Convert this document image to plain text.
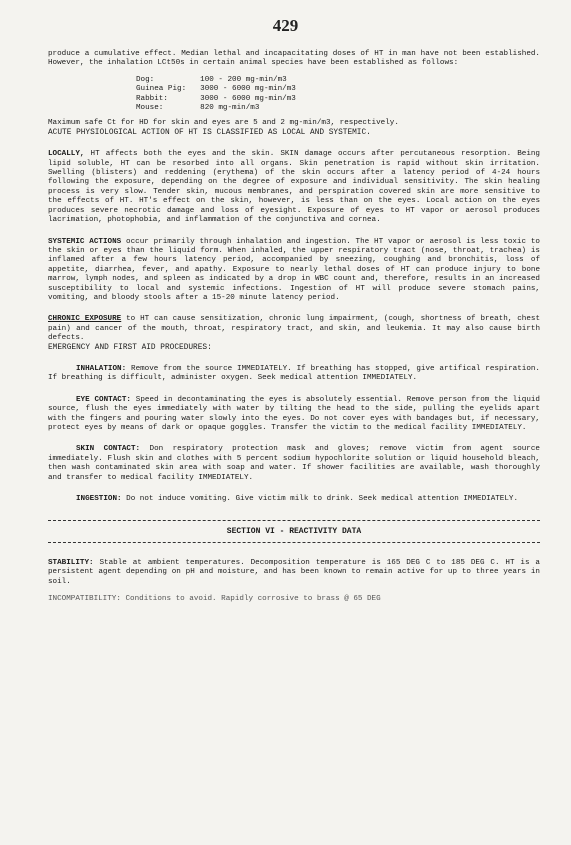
429

produce a cumulative effect. Median lethal and incapacitating doses of HT in man have not been established. However, the inhalation LCt50s in certain animal species have been established as follows:

Dog:	100 - 200 mg-min/m3
Guinea Pig:	3000 - 6000 mg-min/m3
Rabbit:	3000 - 6000 mg-min/m3
Mouse:	820 mg-min/m3

Maximum safe Ct for HD for skin and eyes are 5 and 2 mg-min/m3, respectively.

ACUTE PHYSIOLOGICAL ACTION OF HT IS CLASSIFIED AS LOCAL AND SYSTEMIC.

LOCALLY, HT affects both the eyes and the skin. SKIN damage occurs after percutaneous resorption. Being lipid soluble, HT can be resorbed into all organs. Skin penetration is rapid without skin irritation. Swelling (blisters) and reddening (erythema) of the skin occurs after a latency period of 4-24 hours following the exposure, depending on the degree of exposure and individual sensitivity. The skin healing process is very slow. Tender skin, mucous membranes, and perspiration covered skin are more sensitive to the effects of HT. HT's effect on the skin, however, is less than on the eyes. Local action on the eyes produces severe necrotic damage and loss of eyesight. Exposure of eyes to HT vapor or aerosol produces lacrimation, photophobia, and inflammation of the conjunctiva and cornea.

SYSTEMIC ACTIONS occur primarily through inhalation and ingestion. The HT vapor or aerosol is less toxic to the skin or eyes than the liquid form. When inhaled, the upper respiratory tract (nose, throat, trachea) is inflamed after a few hours latency period, accompanied by sneezing, coughing and bronchitis, loss of appetite, diarrhea, fever, and apathy. Exposure to nearly lethal doses of HT can produce injury to bone marrow, lymph nodes, and spleen as indicated by a drop in WBC count and, therefore, results in an increased susceptibility to local and systemic infections. Ingestion of HT will produce severe stomach pains, vomiting, and bloody stools after a 15-20 minute latency period.

CHRONIC EXPOSURE to HT can cause sensitization, chronic lung impairment, (cough, shortness of breath, chest pain) and cancer of the mouth, throat, respiratory tract, and skin, and leukemia. It may also cause birth defects.

EMERGENCY AND FIRST AID PROCEDURES:

INHALATION: Remove from the source IMMEDIATELY. If breathing has stopped, give artifical respiration. If breathing is difficult, administer oxygen. Seek medical attention IMMEDIATELY.

EYE CONTACT: Speed in decontaminating the eyes is absolutely essential. Remove person from the liquid source, flush the eyes immediately with water by tilting the head to the side, pulling the eyelids apart with the fingers and pouring water slowly into the eyes. Do not cover eyes with bandages but, if necessary, protect eyes by means of dark or opaque goggles. Transfer the victim to the medical facility IMMEDIATELY.

SKIN CONTACT: Don respiratory protection mask and gloves; remove victim from agent source immediately. Flush skin and clothes with 5 percent sodium hypochlorite solution or liquid household bleach, then wash contaminated skin area with soap and water. If shower facilities are available, wash thoroughly and transfer to medical facility IMMEDIATELY.

INGESTION: Do not induce vomiting. Give victim milk to drink. Seek medical attention IMMEDIATELY.

SECTION VI - REACTIVITY DATA

STABILITY: Stable at ambient temperatures. Decomposition temperature is 165 DEG C to 185 DEG C. HT is a persistent agent depending on pH and moisture, and has been known to remain active for up to three years in soil.

INCOMPATIBILITY: Conditions to avoid. Rapidly corrosive to brass @ 65 DEG
